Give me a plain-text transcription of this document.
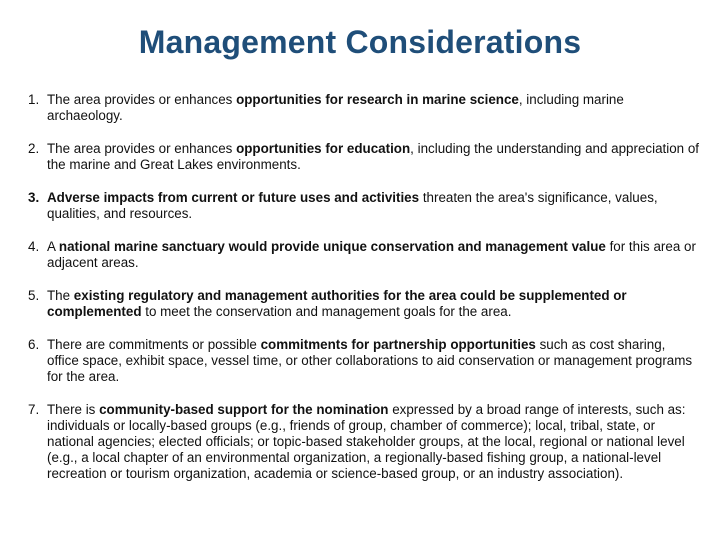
Management Considerations
1. The area provides or enhances opportunities for research in marine science, including marine archaeology.
2. The area provides or enhances opportunities for education, including the understanding and appreciation of the marine and Great Lakes environments.
3. Adverse impacts from current or future uses and activities threaten the area's significance, values, qualities, and resources.
4. A national marine sanctuary would provide unique conservation and management value for this area or adjacent areas.
5. The existing regulatory and management authorities for the area could be supplemented or complemented to meet the conservation and management goals for the area.
6. There are commitments or possible commitments for partnership opportunities such as cost sharing, office space, exhibit space, vessel time, or other collaborations to aid conservation or management programs for the area.
7. There is community-based support for the nomination expressed by a broad range of interests, such as: individuals or locally-based groups (e.g., friends of group, chamber of commerce); local, tribal, state, or national agencies; elected officials; or topic-based stakeholder groups, at the local, regional or national level (e.g., a local chapter of an environmental organization, a regionally-based fishing group, a national-level recreation or tourism organization, academia or science-based group, or an industry association).
